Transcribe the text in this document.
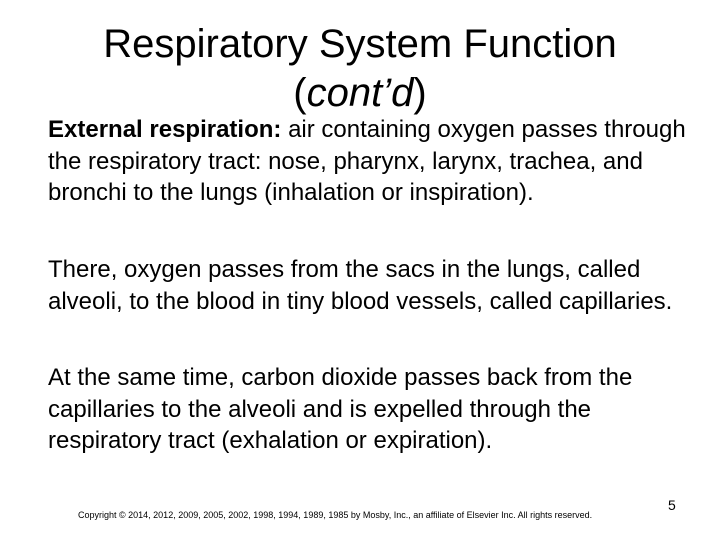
Respiratory System Function
(cont’d)

External respiration: air containing oxygen passes through the respiratory tract: nose, pharynx, larynx, trachea, and bronchi to the lungs (inhalation or inspiration).

There, oxygen passes from the sacs in the lungs, called alveoli, to the blood in tiny blood vessels, called capillaries.

At the same time, carbon dioxide passes back from the capillaries to the alveoli and is expelled through the respiratory tract (exhalation or expiration).

Copyright © 2014, 2012, 2009, 2005, 2002, 1998, 1994, 1989, 1985 by Mosby, Inc., an affiliate of Elsevier Inc. All rights reserved.
5
